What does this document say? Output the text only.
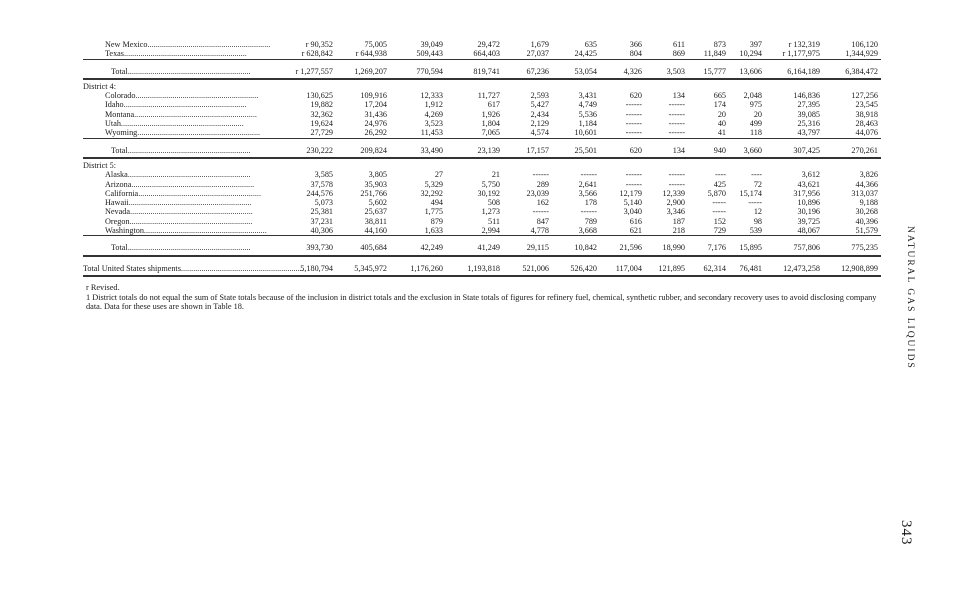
New Mexico............................................................	r 90,352	75,005	39,049	29,472	1,679	635	366	611	873	397	r 132,319	106,120
Texas............................................................	r 628,842	r 644,938	509,443	664,403	27,037	24,425	804	869	11,849	10,294	r 1,177,975	1,344,929

Total............................................................	r 1,277,557	1,269,207	770,594	819,741	67,236	53,054	4,326	3,503	15,777	13,606	6,164,189	6,384,472
District 4:												
Colorado............................................................	130,625	109,916	12,333	11,727	2,593	3,431	620	134	665	2,048	146,836	127,256
Idaho............................................................	19,882	17,204	1,912	617	5,427	4,749	------	------	174	975	27,395	23,545
Montana............................................................	32,362	31,436	4,269	1,926	2,434	5,536	------	------	20	20	39,085	38,918
Utah............................................................	19,624	24,976	3,523	1,804	2,129	1,184	------	------	40	499	25,316	28,463
Wyoming............................................................	27,729	26,292	11,453	7,065	4,574	10,601	------	------	41	118	43,797	44,076

Total............................................................	230,222	209,824	33,490	23,139	17,157	25,501	620	134	940	3,660	307,425	270,261
District 5:												
Alaska............................................................	3,585	3,805	27	21	------	------	------	------	----	----	3,612	3,826
Arizona............................................................	37,578	35,903	5,329	5,750	289	2,641	------	------	425	72	43,621	44,366
California............................................................	244,576	251,766	32,292	30,192	23,039	3,566	12,179	12,339	5,870	15,174	317,956	313,037
Hawaii............................................................	5,073	5,602	494	508	162	178	5,140	2,900	-----	-----	10,896	9,188
Nevada............................................................	25,381	25,637	1,775	1,273	------	------	3,040	3,346	-----	12	30,196	30,268
Oregon............................................................	37,231	38,811	879	511	847	789	616	187	152	98	39,725	40,396
Washington............................................................	40,306	44,160	1,633	2,994	4,778	3,668	621	218	729	539	48,067	51,579

Total............................................................	393,730	405,684	42,249	41,249	29,115	10,842	21,596	18,990	7,176	15,895	757,806	775,235

Total United States shipments............................................................	5,180,794	5,345,972	1,176,260	1,193,818	521,006	526,420	117,004	121,895	62,314	76,481	12,473,258	12,908,899

r Revised.

1 District totals do not equal the sum of State totals because of the inclusion in district totals and the exclusion in State totals of figures for refinery fuel, chemical, synthetic rubber, and secondary recovery uses to avoid disclosing company data. Data for these uses are shown in Table 18.	NATURAL GAS LIQUIDS
343
